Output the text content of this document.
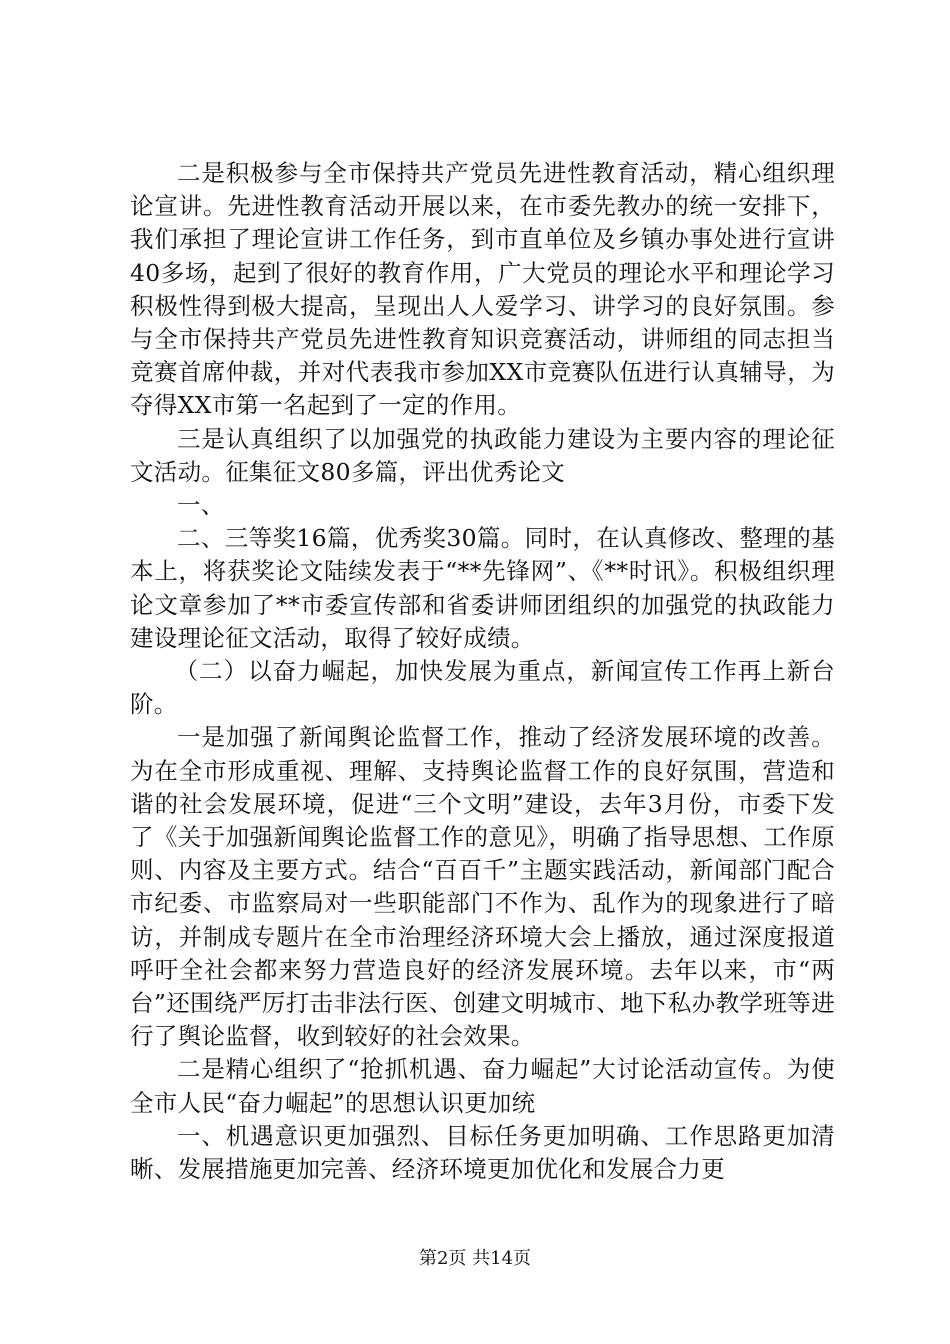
二是积极参与全市保持共产党员先进性教育活动，精心组织理论宣讲。先进性教育活动开展以来，在市委先教办的统一安排下，我们承担了理论宣讲工作任务，到市直单位及乡镇办事处进行宣讲40多场，起到了很好的教育作用，广大党员的理论水平和理论学习积极性得到极大提高，呈现出人人爱学习、讲学习的良好氛围。参与全市保持共产党员先进性教育知识竞赛活动，讲师组的同志担当竞赛首席仲裁，并对代表我市参加XX市竞赛队伍进行认真辅导，为夺得XX市第一名起到了一定的作用。

三是认真组织了以加强党的执政能力建设为主要内容的理论征文活动。征集征文80多篇，评出优秀论文

一、

二、三等奖16篇，优秀奖30篇。同时，在认真修改、整理的基本上，将获奖论文陆续发表于“**先锋网”、《**时讯》。积极组织理论文章参加了**市委宣传部和省委讲师团组织的加强党的执政能力建设理论征文活动，取得了较好成绩。

（二）以奋力崛起，加快发展为重点，新闻宣传工作再上新台阶。

一是加强了新闻舆论监督工作，推动了经济发展环境的改善。为在全市形成重视、理解、支持舆论监督工作的良好氛围，营造和谐的社会发展环境，促进“三个文明”建设，去年3月份，市委下发了《关于加强新闻舆论监督工作的意见》，明确了指导思想、工作原则、内容及主要方式。结合“百百千”主题实践活动，新闻部门配合市纪委、市监察局对一些职能部门不作为、乱作为的现象进行了暗访，并制成专题片在全市治理经济环境大会上播放，通过深度报道呼吁全社会都来努力营造良好的经济发展环境。去年以来，市“两台”还围绕严厉打击非法行医、创建文明城市、地下私办教学班等进行了舆论监督，收到较好的社会效果。

二是精心组织了“抢抓机遇、奋力崛起”大讨论活动宣传。为使全市人民“奋力崛起”的思想认识更加统

一、机遇意识更加强烈、目标任务更加明确、工作思路更加清晰、发展措施更加完善、经济环境更加优化和发展合力更

第2页 共14页
